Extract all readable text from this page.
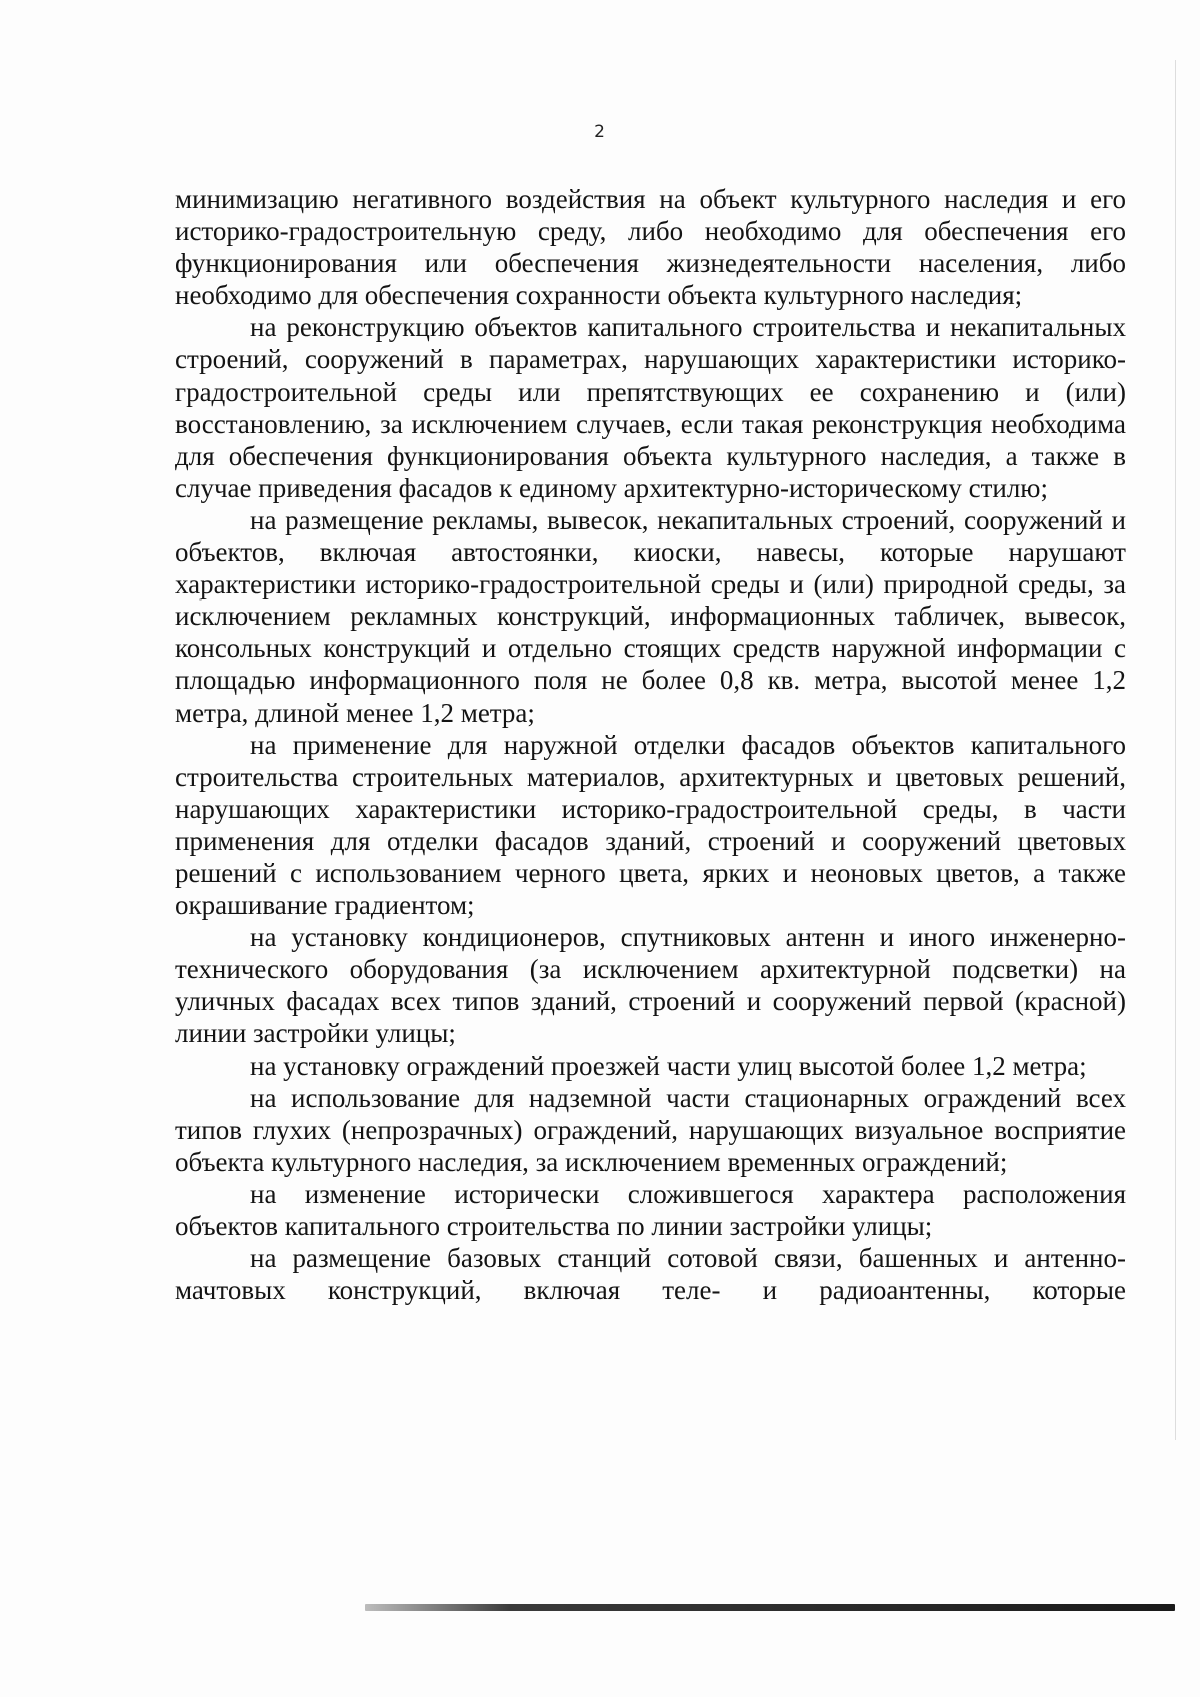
2

минимизацию негативного воздействия на объект культурного наследия и его историко-градостроительную среду, либо необходимо для обеспечения его функционирования или обеспечения жизнедеятельности населения, либо необходимо для обеспечения сохранности объекта культурного наследия;

на реконструкцию объектов капитального строительства и некапитальных строений, сооружений в параметрах, нарушающих характеристики историко-градостроительной среды или препятствующих ее сохранению и (или) восстановлению, за исключением случаев, если такая реконструкция необходима для обеспечения функционирования объекта культурного наследия, а также в случае приведения фасадов к единому архитектурно-историческому стилю;

на размещение рекламы, вывесок, некапитальных строений, сооружений и объектов, включая автостоянки, киоски, навесы, которые нарушают характеристики историко-градостроительной среды и (или) природной среды, за исключением рекламных конструкций, информационных табличек, вывесок, консольных конструкций и отдельно стоящих средств наружной информации с площадью информационного поля не более 0,8 кв. метра, высотой менее 1,2 метра, длиной менее 1,2 метра;

на применение для наружной отделки фасадов объектов капитального строительства строительных материалов, архитектурных и цветовых решений, нарушающих характеристики историко-градостроительной среды, в части применения для отделки фасадов зданий, строений и сооружений цветовых решений с использованием черного цвета, ярких и неоновых цветов, а также окрашивание градиентом;

на установку кондиционеров, спутниковых антенн и иного инженерно-технического оборудования (за исключением архитектурной подсветки) на уличных фасадах всех типов зданий, строений и сооружений первой (красной) линии застройки улицы;

на установку ограждений проезжей части улиц высотой более 1,2 метра;

на использование для надземной части стационарных ограждений всех типов глухих (непрозрачных) ограждений, нарушающих визуальное восприятие объекта культурного наследия, за исключением временных ограждений;

на изменение исторически сложившегося характера расположения объектов капитального строительства по линии застройки улицы;

на размещение базовых станций сотовой связи, башенных и антенно-мачтовых конструкций, включая теле- и радиоантенны, которые
